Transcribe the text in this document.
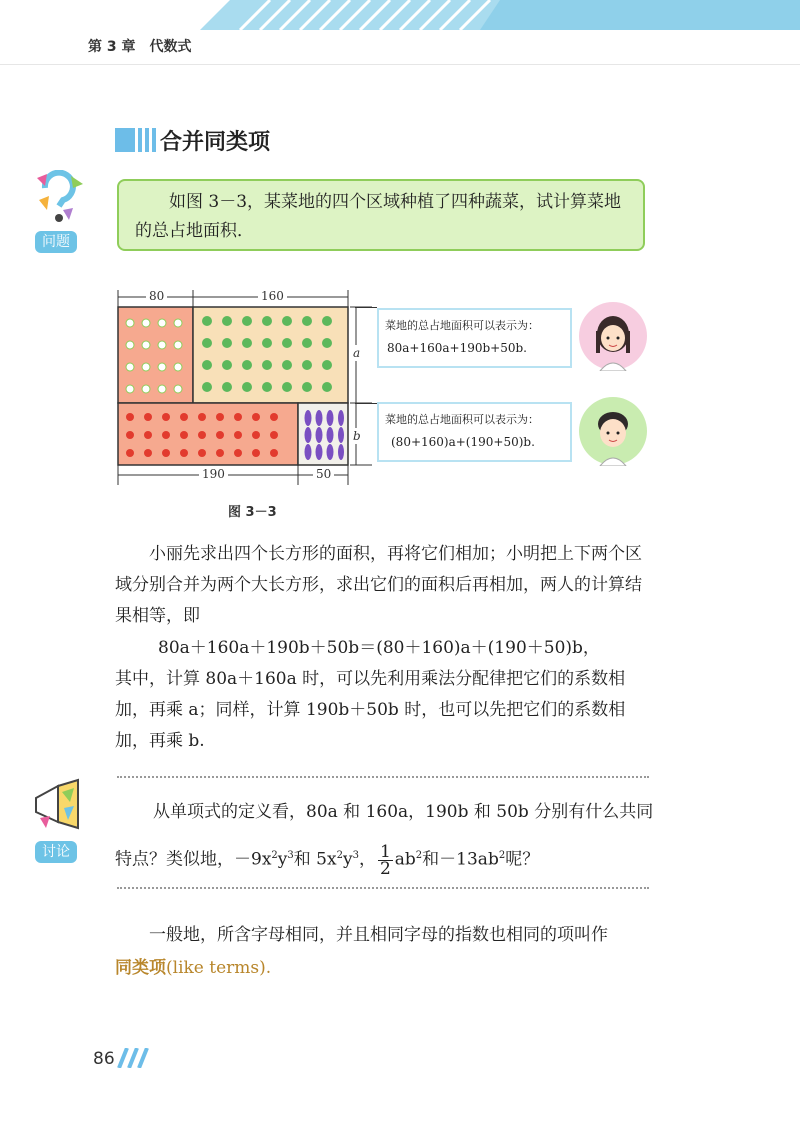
第 3 章　代数式
合并同类项
问题
如图 3－3，某菜地的四个区域种植了四种蔬菜，试计算菜地的总占地面积．
80	160
190	50
a
b
菜地的总占地面积可以表示为：
80a+160a+190b+50b.
菜地的总占地面积可以表示为：
(80+160)a+(190+50)b.
图 3－3
小丽先求出四个长方形的面积，再将它们相加；小明把上下两个区域分别合并为两个大长方形，求出它们的面积后再相加，两人的计算结果相等，即
80a＋160a＋190b＋50b＝(80＋160)a＋(190＋50)b，
其中，计算 80a＋160a 时，可以先利用乘法分配律把它们的系数相加，再乘 a；同样，计算 190b＋50b 时，也可以先把它们的系数相加，再乘 b.
讨论
从单项式的定义看，80a 和 160a，190b 和 50b 分别有什么共同
特点？类似地，$-9x^2y^3$和 $5x^2y^3$， $\frac{1}{2} ab^2$和$-13ab^2$呢？
一般地，所含字母相同，并且相同字母的指数也相同的项叫作
同类项(like terms).
86
